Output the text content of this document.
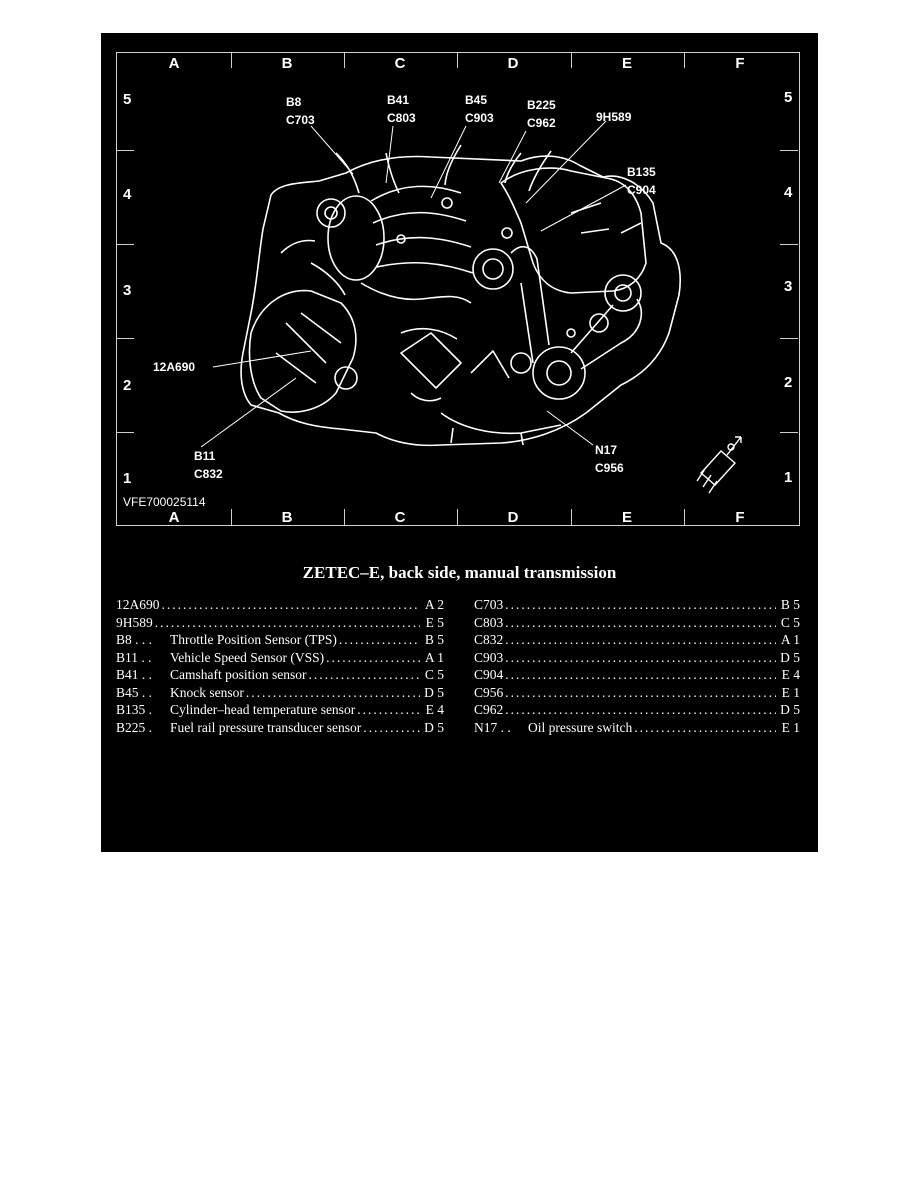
A	B	C	D	E	F
A	B	C	D	E	F
5
4
3
2
1
5
4
3
2
1
B8
C703
B41
C803
B45
C903
B225
C962	9H589
B135
C904
12A690
B11
C832
N17
C956
VFE700025114
ZETEC–E, back side, manual transmission
12A690 .....	A 2
9H589 .....	E 5
B8 . . .	Throttle Position Sensor (TPS) .....	B 5
B11 . .	Vehicle Speed Sensor (VSS) .....	A 1
B41 . .	Camshaft position sensor .....	C 5
B45 . .	Knock sensor .....	D 5
B135 .	Cylinder–head temperature sensor .....	E 4
B225 .	Fuel rail pressure transducer sensor .....	D 5
C703 .....	B 5
C803 .....	C 5
C832 .....	A 1
C903 .....	D 5
C904 .....	E 4
C956 .....	E 1
C962 .....	D 5
N17 . .	Oil pressure switch .....	E 1
